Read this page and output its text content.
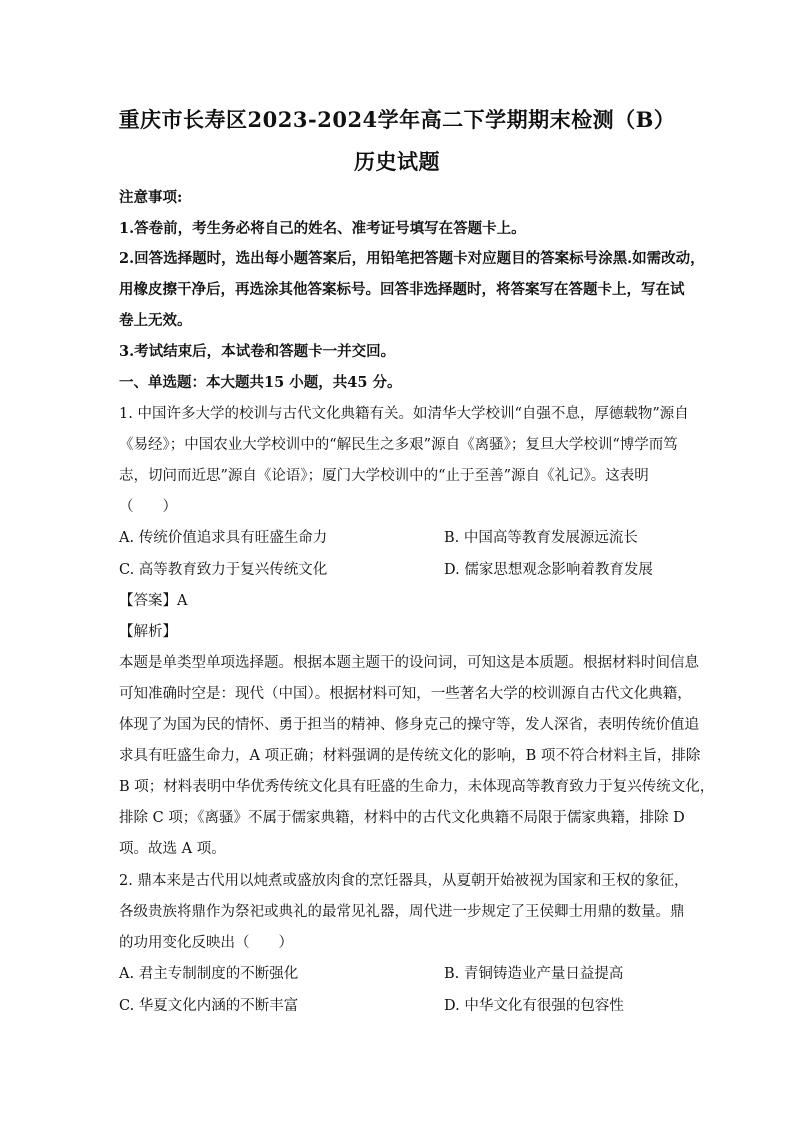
重庆市长寿区2023-2024学年高二下学期期末检测（B）
历史试题
注意事项:
1.答卷前，考生务必将自己的姓名、准考证号填写在答题卡上。
2.回答选择题时，选出每小题答案后，用铅笔把答题卡对应题目的答案标号涂黑.如需改动，
用橡皮擦干净后，再选涂其他答案标号。回答非选择题时，将答案写在答题卡上，写在试
卷上无效。
3.考试结束后，本试卷和答题卡一并交回。
一、单选题：本大题共15 小题，共45 分。
1. 中国许多大学的校训与古代文化典籍有关。如清华大学校训“自强不息，厚德载物”源自
《易经》；中国农业大学校训中的“解民生之多艰”源自《离骚》；复旦大学校训“博学而笃
志，切问而近思”源自《论语》；厦门大学校训中的“止于至善”源自《礼记》。这表明
（　　）
A. 传统价值追求具有旺盛生命力	B. 中国高等教育发展源远流长
C. 高等教育致力于复兴传统文化	D. 儒家思想观念影响着教育发展
【答案】A
【解析】
本题是单类型单项选择题。根据本题主题干的设问词，可知这是本质题。根据材料时间信息
可知准确时空是：现代（中国）。根据材料可知，一些著名大学的校训源自古代文化典籍，
体现了为国为民的情怀、勇于担当的精神、修身克己的操守等，发人深省，表明传统价值追
求具有旺盛生命力，A 项正确；材料强调的是传统文化的影响，B 项不符合材料主旨，排除
B 项；材料表明中华优秀传统文化具有旺盛的生命力，未体现高等教育致力于复兴传统文化，
排除 C 项；《离骚》不属于儒家典籍，材料中的古代文化典籍不局限于儒家典籍，排除 D
项。故选 A 项。
2. 鼎本来是古代用以炖煮或盛放肉食的烹饪器具，从夏朝开始被视为国家和王权的象征，
各级贵族将鼎作为祭祀或典礼的最常见礼器，周代进一步规定了王侯卿士用鼎的数量。鼎
的功用变化反映出（　　）
A. 君主专制制度的不断强化	B. 青铜铸造业产量日益提高
C. 华夏文化内涵的不断丰富	D. 中华文化有很强的包容性
